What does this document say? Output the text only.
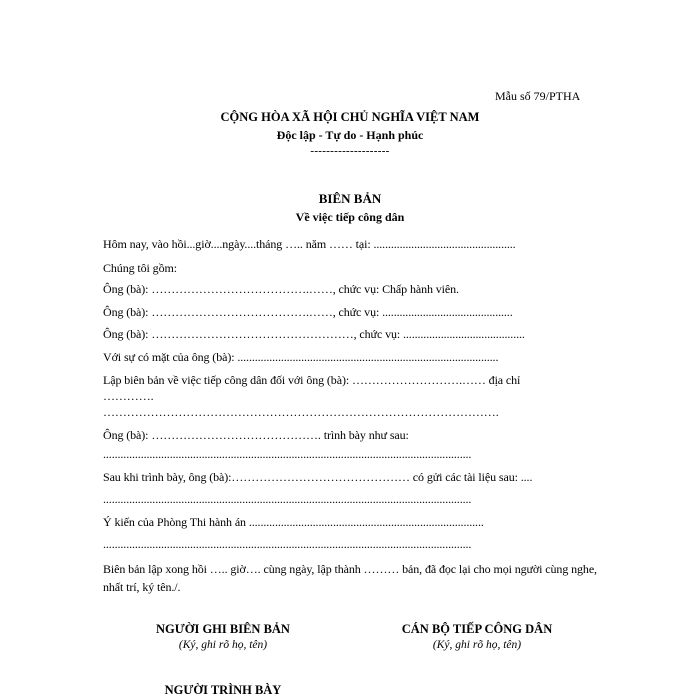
Mẫu số 79/PTHA
CỘNG HÒA XÃ HỘI CHỦ NGHĨA VIỆT NAM
Độc lập - Tự do - Hạnh phúc
--------------------
BIÊN BẢN
Về việc tiếp công dân
Hôm nay, vào hồi...giờ....ngày....tháng ….. năm …… tại: .................................................
Chúng tôi gồm:
Ông (bà): ………………………………….……, chức vụ: Chấp hành viên.
Ông (bà): ………………………………….……, chức vụ: .............................................
Ông (bà): ……………………………………………, chức vụ: ..........................................
Với sự có mặt của ông (bà): ..........................................................................................
Lập biên bản về việc tiếp công dân đối với ông (bà): ……………………….…… địa chỉ
………….
……………………………………………………………………………………….
Ông (bà): ……………………………………. trình bày như sau:
...............................................................................................................................
Sau khi trình bày, ông (bà):……………………………………… có gửi các tài liệu sau: ....
...............................................................................................................................
Ý kiến của Phòng Thi hành án .................................................................................
...............................................................................................................................
Biên bản lập xong hồi ….. giờ…. cùng ngày, lập thành ……… bản, đã đọc lại cho mọi người cùng nghe, nhất trí, ký tên./.
NGƯỜI GHI BIÊN BẢN
(Ký, ghi rõ họ, tên)
CÁN BỘ TIẾP CÔNG DÂN
(Ký, ghi rõ họ, tên)
NGƯỜI TRÌNH BÀY
